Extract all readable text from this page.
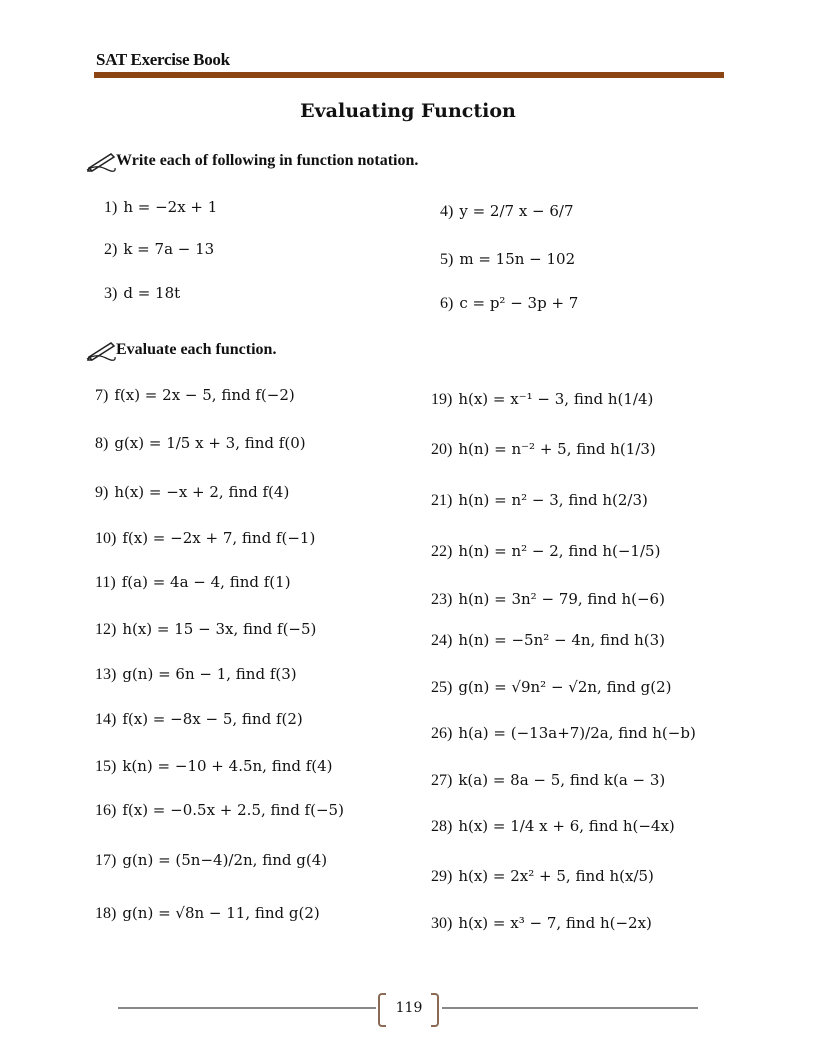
SAT Exercise Book
Evaluating Function
Write each of following in function notation.
Evaluate each function.
1) h = −2x + 1
2) k = 7a − 13
3) d = 18t
4) y = 2/7 x − 6/7
5) m = 15n − 102
6) c = p² − 3p + 7
7) f(x) = 2x − 5, find f(−2)
8) g(x) = 1/5 x + 3, find f(0)
9) h(x) = −x + 2, find f(4)
10) f(x) = −2x + 7, find f(−1)
11) f(a) = 4a − 4, find f(1)
12) h(x) = 15 − 3x, find f(−5)
13) g(n) = 6n − 1, find f(3)
14) f(x) = −8x − 5, find f(2)
15) k(n) = −10 + 4.5n, find f(4)
16) f(x) = −0.5x + 2.5, find f(−5)
17) g(n) = (5n−4)/2n, find g(4)
18) g(n) = √8n − 11, find g(2)
19) h(x) = x⁻¹ − 3, find h(1/4)
20) h(n) = n⁻² + 5, find h(1/3)
21) h(n) = n² − 3, find h(2/3)
22) h(n) = n² − 2, find h(−1/5)
23) h(n) = 3n² − 79, find h(−6)
24) h(n) = −5n² − 4n, find h(3)
25) g(n) = √9n² − √2n, find g(2)
26) h(a) = (−13a+7)/2a, find h(−b)
27) k(a) = 8a − 5, find k(a − 3)
28) h(x) = 1/4 x + 6, find h(−4x)
29) h(x) = 2x² + 5, find h(x/5)
30) h(x) = x³ − 7, find h(−2x)
119
